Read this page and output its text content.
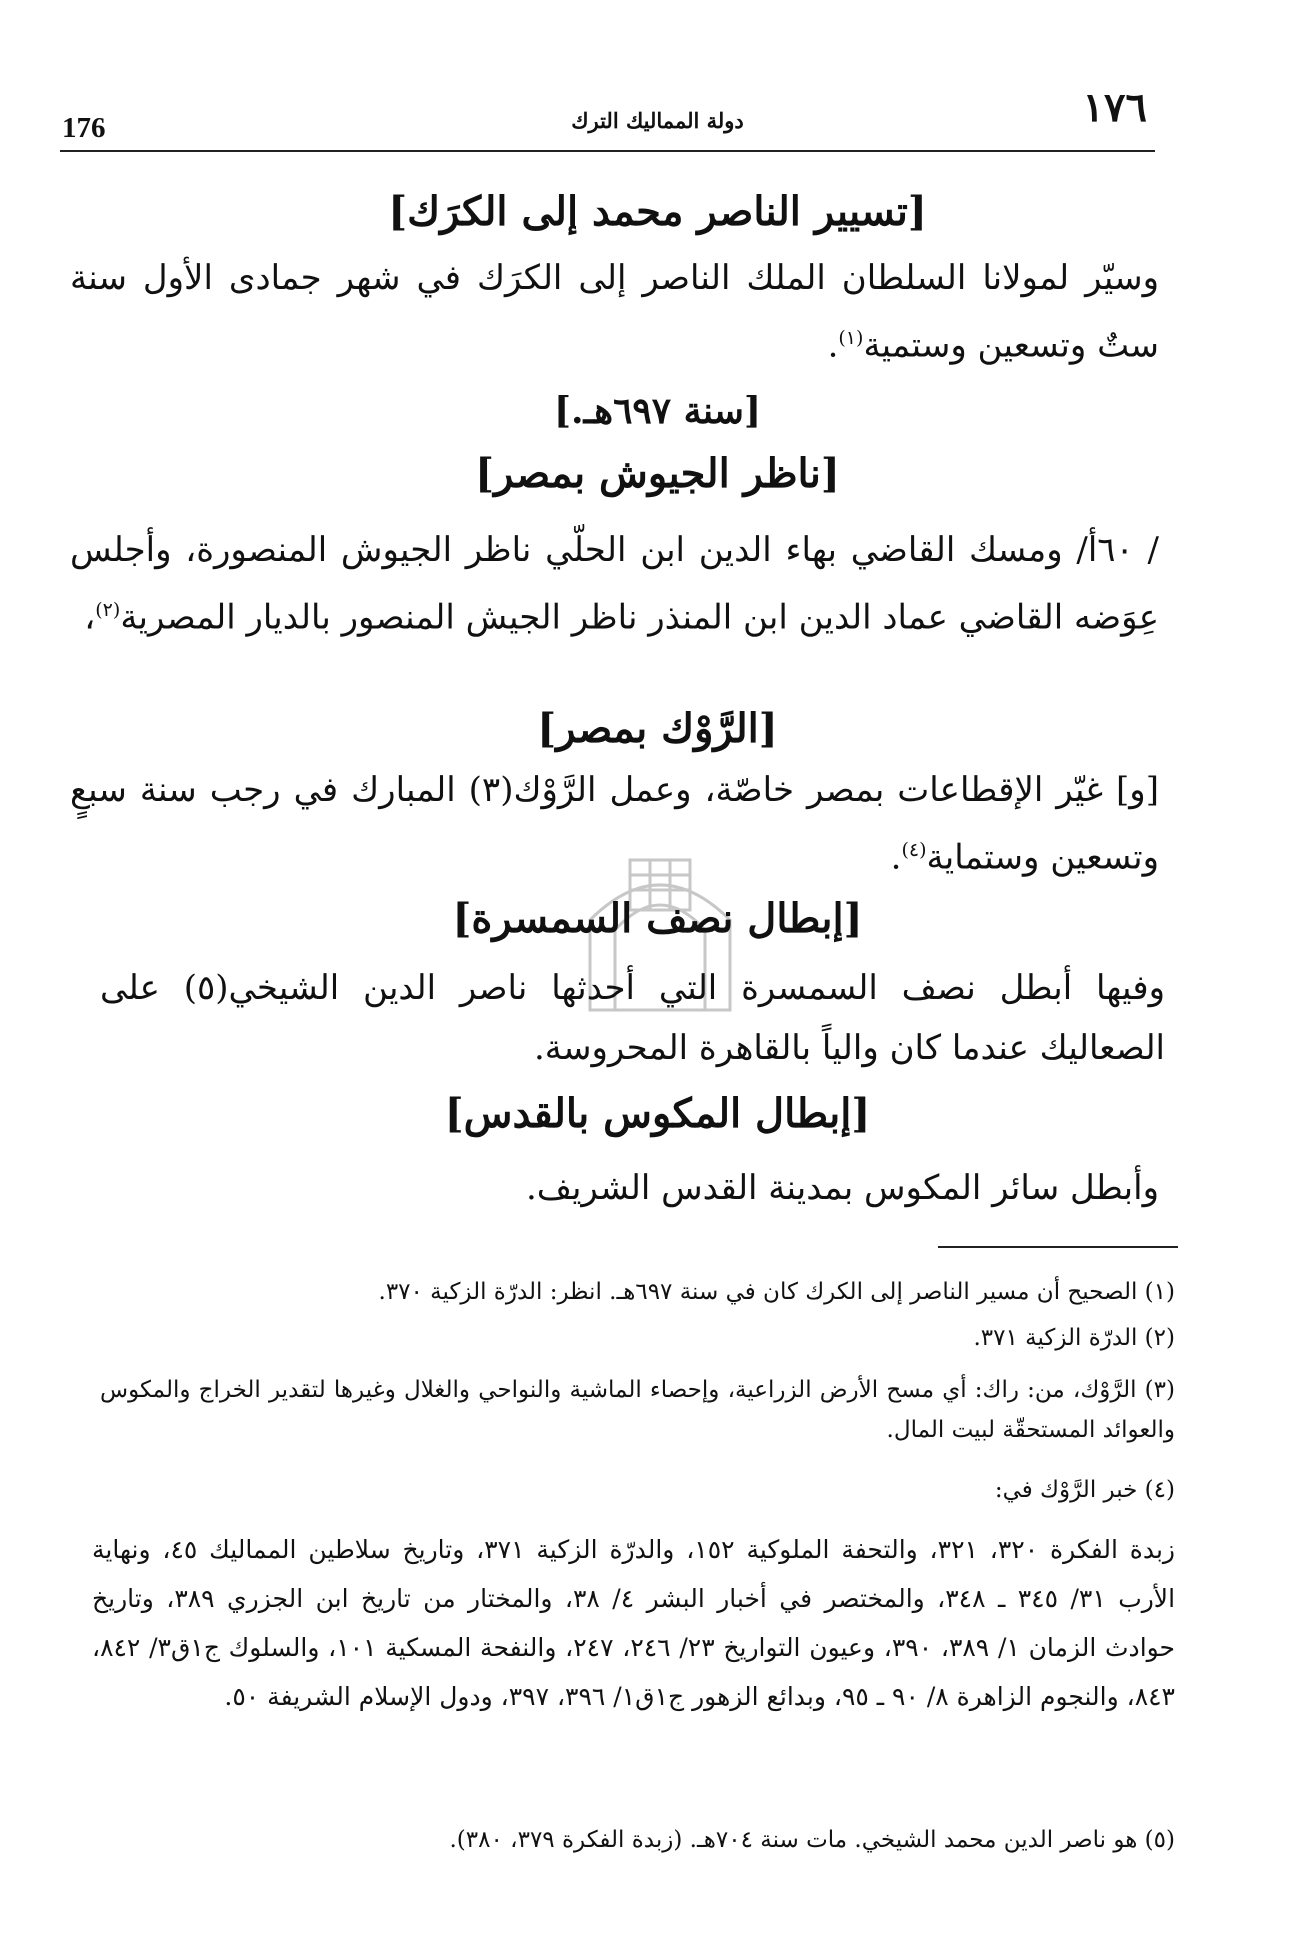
١٧٦
دولة المماليك الترك
176
[تسيير الناصر محمد إلى الكرَك]
وسيّر لمولانا السلطان الملك الناصر إلى الكرَك في شهر جمادى الأول سنة ستٌ وتسعين وستمية$^{(١)}$.
[سنة ٦٩٧هـ.]
[ناظر الجيوش بمصر]
/ ٦٠أ/ ومسك القاضي بهاء الدين ابن الحلّي ناظر الجيوش المنصورة، وأجلس عِوَضه القاضي عماد الدين ابن المنذر ناظر الجيش المنصور بالديار المصرية$^{(٢)}$،
[الرَّوْك بمصر]
[و] غيّر الإقطاعات بمصر خاصّة، وعمل الرَّوْك(٣) المبارك في رجب سنة سبعٍ وتسعين وستماية$^{(٤)}$.
[إبطال نصف السمسرة]
وفيها أبطل نصف السمسرة التي أحدثها ناصر الدين الشيخي(٥) على الصعاليك عندما كان والياً بالقاهرة المحروسة.
[إبطال المكوس بالقدس]
وأبطل سائر المكوس بمدينة القدس الشريف.
(١) الصحيح أن مسير الناصر إلى الكرك كان في سنة ٦٩٧هـ. انظر: الدرّة الزكية ٣٧٠.
(٢) الدرّة الزكية ٣٧١.
(٣) الرَّوْك، من: راك: أي مسح الأرض الزراعية، وإحصاء الماشية والنواحي والغلال وغيرها لتقدير الخراج والمكوس والعوائد المستحقّة لبيت المال.
(٤) خبر الرَّوْك في:
زبدة الفكرة ٣٢٠، ٣٢١، والتحفة الملوكية ١٥٢، والدرّة الزكية ٣٧١، وتاريخ سلاطين المماليك ٤٥، ونهاية الأرب ٣١/ ٣٤٥ ـ ٣٤٨، والمختصر في أخبار البشر ٤/ ٣٨، والمختار من تاريخ ابن الجزري ٣٨٩، وتاريخ حوادث الزمان ١/ ٣٨٩، ٣٩٠، وعيون التواريخ ٢٣/ ٢٤٦، ٢٤٧، والنفحة المسكية ١٠١، والسلوك ج١ق٣/ ٨٤٢، ٨٤٣، والنجوم الزاهرة ٨/ ٩٠ ـ ٩٥، وبدائع الزهور ج١ق١/ ٣٩٦، ٣٩٧، ودول الإسلام الشريفة ٥٠.
(٥) هو ناصر الدين محمد الشيخي. مات سنة ٧٠٤هـ. (زبدة الفكرة ٣٧٩، ٣٨٠).
